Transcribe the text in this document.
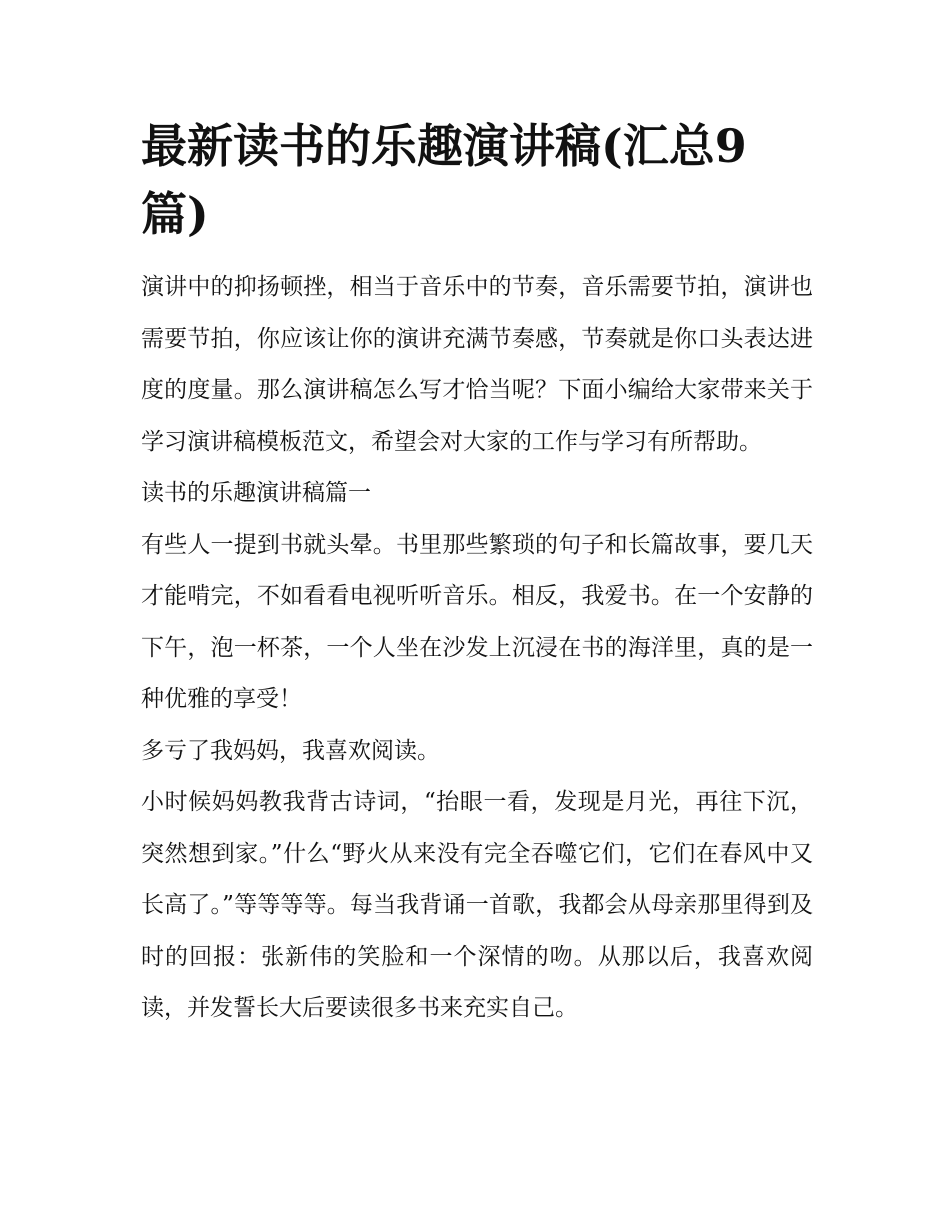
最新读书的乐趣演讲稿(汇总9篇)

演讲中的抑扬顿挫，相当于音乐中的节奏，音乐需要节拍，演讲也需要节拍，你应该让你的演讲充满节奏感，节奏就是你口头表达进度的度量。那么演讲稿怎么写才恰当呢？下面小编给大家带来关于学习演讲稿模板范文，希望会对大家的工作与学习有所帮助。

读书的乐趣演讲稿篇一

有些人一提到书就头晕。书里那些繁琐的句子和长篇故事，要几天才能啃完，不如看看电视听听音乐。相反，我爱书。在一个安静的下午，泡一杯茶，一个人坐在沙发上沉浸在书的海洋里，真的是一种优雅的享受！

多亏了我妈妈，我喜欢阅读。

小时候妈妈教我背古诗词，“抬眼一看，发现是月光，再往下沉，突然想到家。”什么“野火从来没有完全吞噬它们，它们在春风中又长高了。”等等等等。每当我背诵一首歌，我都会从母亲那里得到及时的回报：张新伟的笑脸和一个深情的吻。从那以后，我喜欢阅读，并发誓长大后要读很多书来充实自己。
